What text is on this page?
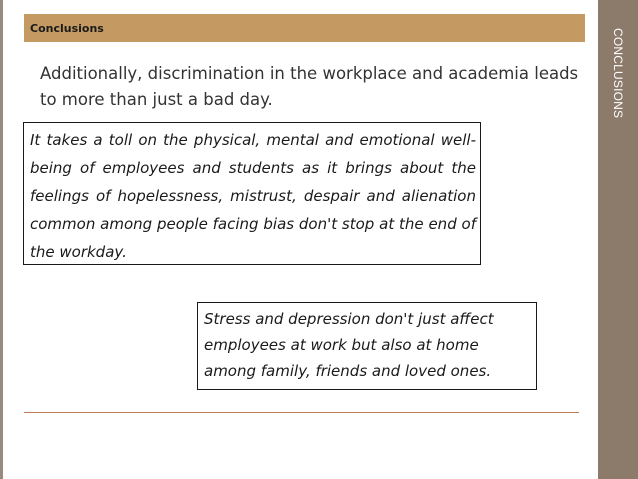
CONCLUSIONS
Conclusions
Additionally, discrimination in the workplace and academia leads to more than just a bad day.
It takes a toll on the physical, mental and emotional well-being of employees and students as it brings about the feelings of hopelessness, mistrust, despair and alienation common among people facing bias don't stop at the end of the workday.
Stress and depression don't just affect employees at work but also at home among family, friends and loved ones.
